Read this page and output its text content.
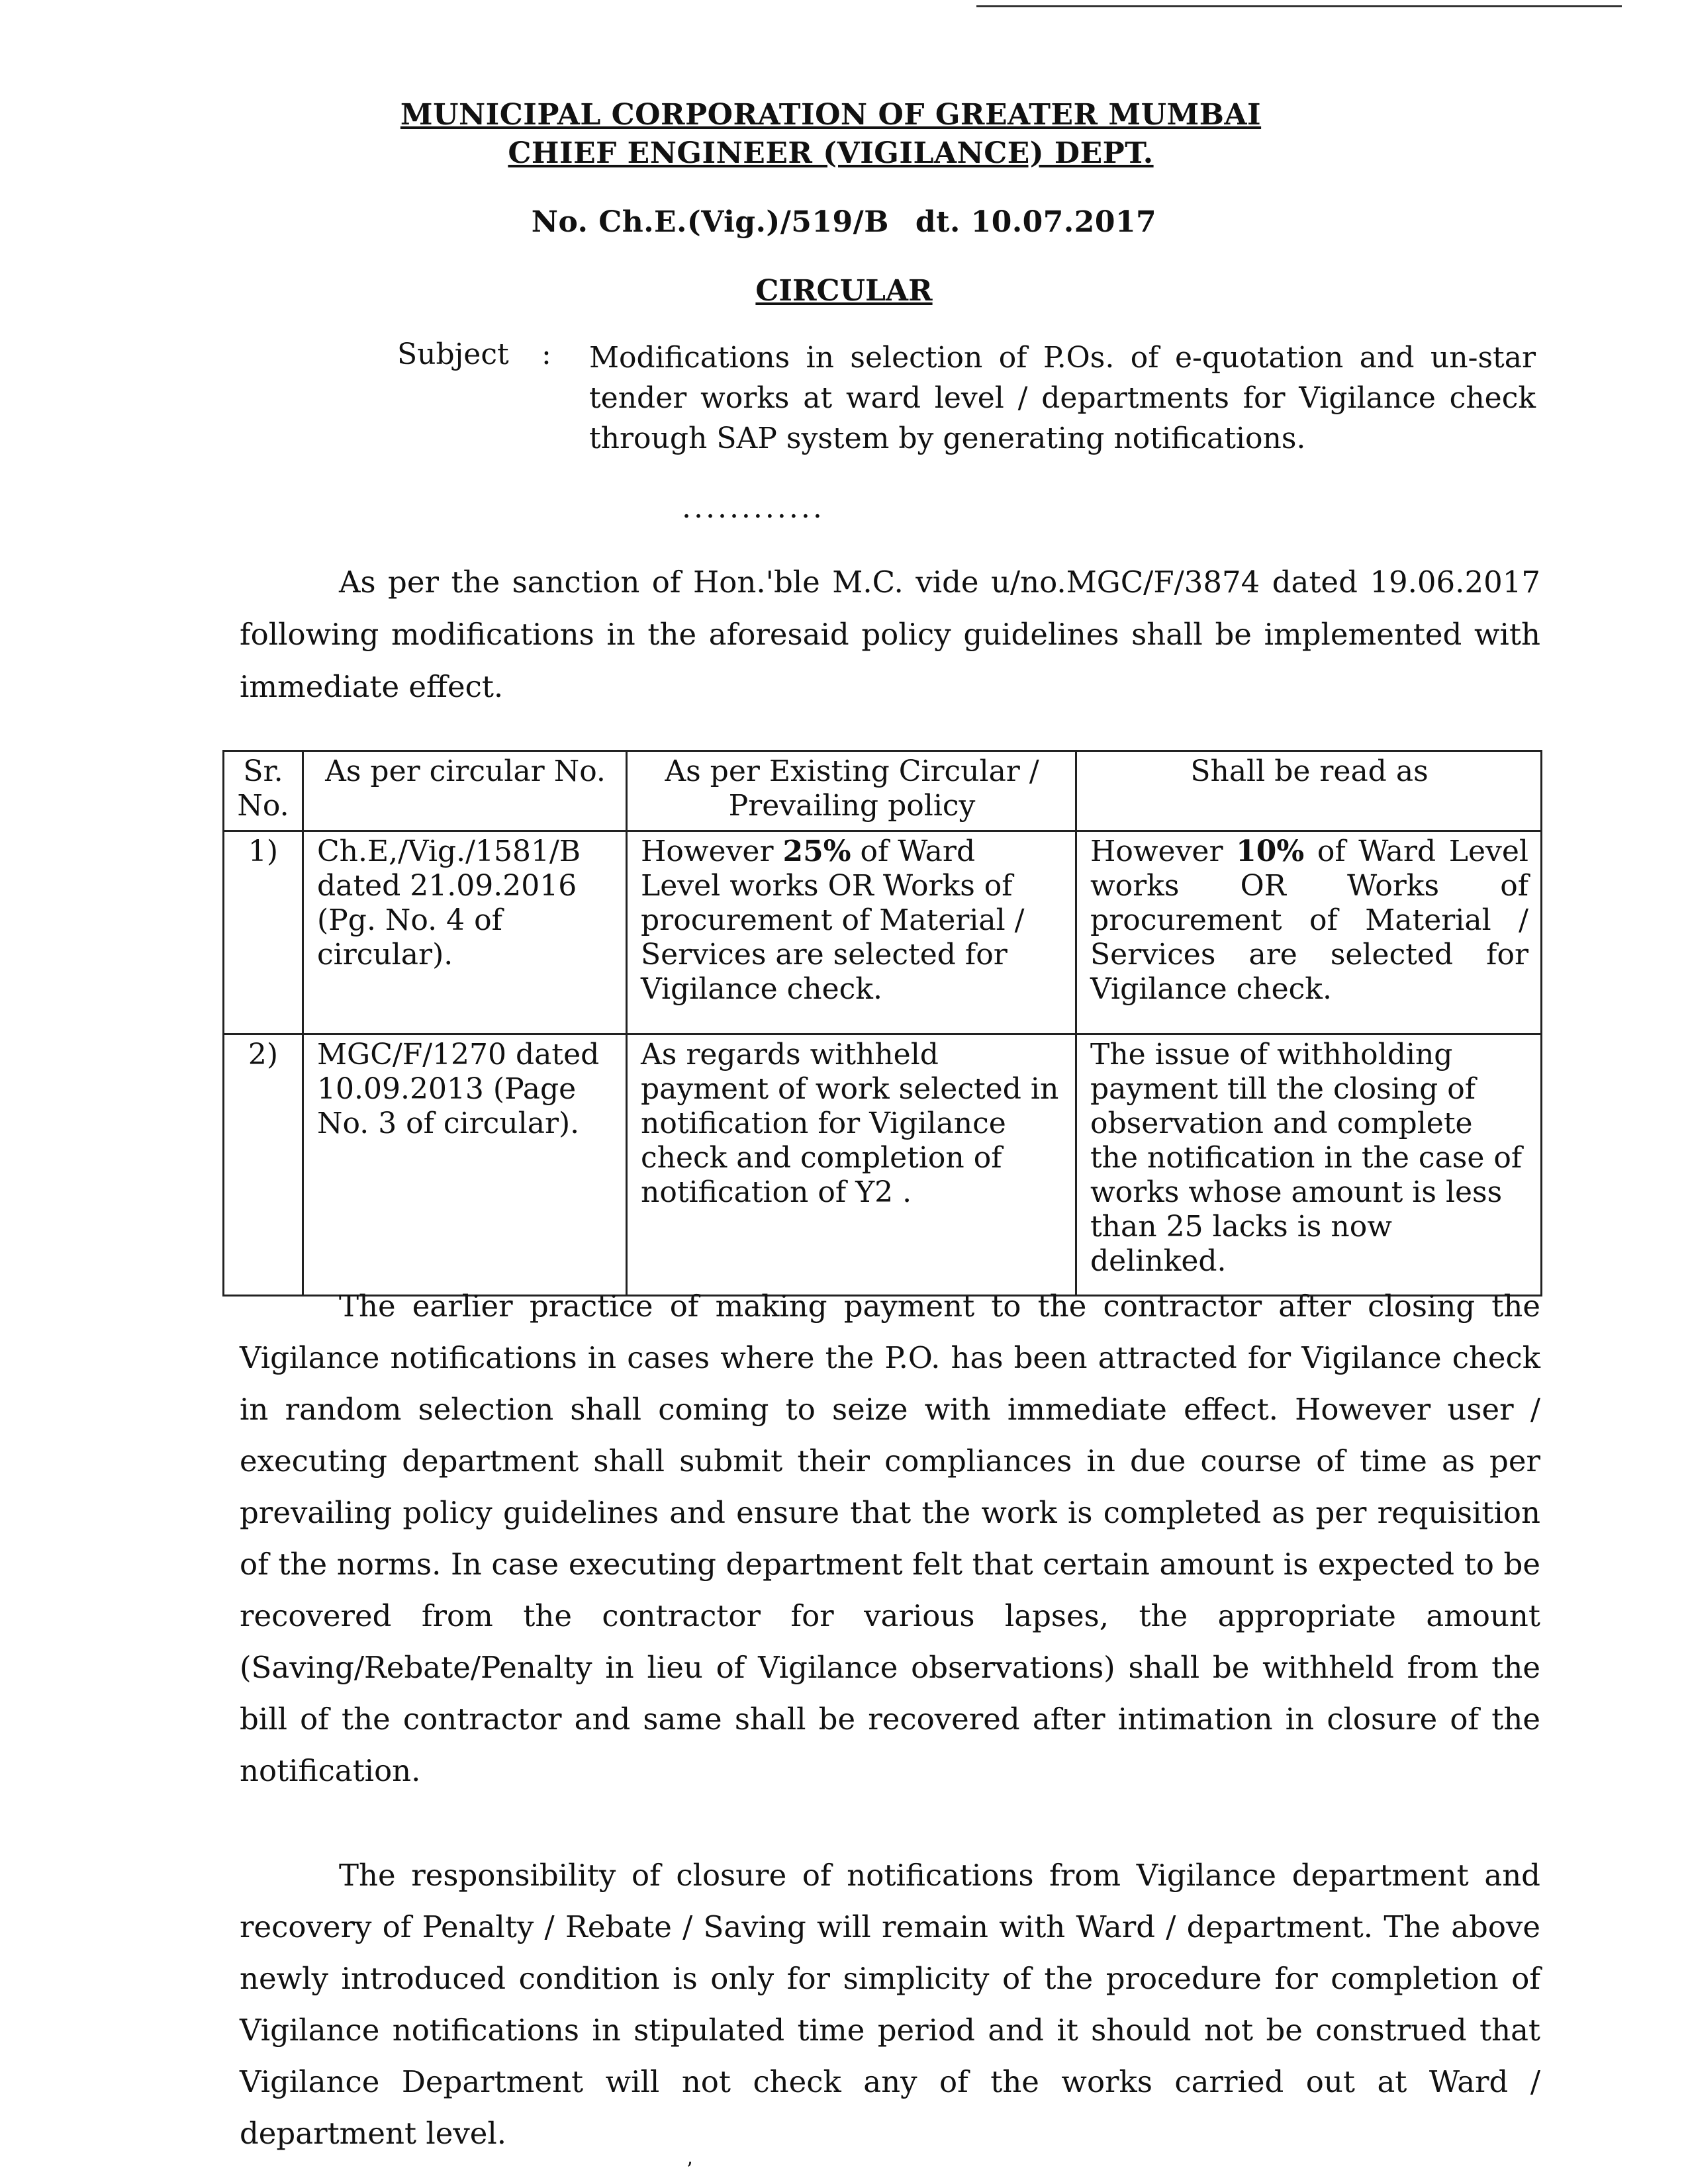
MUNICIPAL CORPORATION OF GREATER MUMBAI
CHIEF ENGINEER (VIGILANCE) DEPT.
No. Ch.E.(Vig.)/519/B dt. 10.07.2017
CIRCULAR
Subject : Modifications in selection of P.Os. of e-quotation and un-star tender works at ward level / departments for Vigilance check through SAP system by generating notifications.
............
As per the sanction of Hon.'ble M.C. vide u/no.MGC/F/3874 dated 19.06.2017 following modifications in the aforesaid policy guidelines shall be implemented with immediate effect.
Sr. No.	As per circular No.	As per Existing Circular / Prevailing policy	Shall be read as
1)	Ch.E,/Vig./1581/B dated 21.09.2016 (Pg. No. 4 of circular).	However 25% of Ward Level works OR Works of procurement of Material / Services are selected for Vigilance check.	However 10% of Ward Level works OR Works of procurement of Material / Services are selected for Vigilance check.
2)	MGC/F/1270 dated 10.09.2013 (Page No. 3 of circular).	As regards withheld payment of work selected in notification for Vigilance check and completion of notification of Y2 .	The issue of withholding payment till the closing of observation and complete the notification in the case of works whose amount is less than 25 lacks is now delinked.
The earlier practice of making payment to the contractor after closing the Vigilance notifications in cases where the P.O. has been attracted for Vigilance check in random selection shall coming to seize with immediate effect. However user / executing department shall submit their compliances in due course of time as per prevailing policy guidelines and ensure that the work is completed as per requisition of the norms. In case executing department felt that certain amount is expected to be recovered from the contractor for various lapses, the appropriate amount (Saving/Rebate/Penalty in lieu of Vigilance observations) shall be withheld from the bill of the contractor and same shall be recovered after intimation in closure of the notification.
The responsibility of closure of notifications from Vigilance department and recovery of Penalty / Rebate / Saving will remain with Ward / department. The above newly introduced condition is only for simplicity of the procedure for completion of Vigilance notifications in stipulated time period and it should not be construed that Vigilance Department will not check any of the works carried out at Ward / department level.
ʼ
